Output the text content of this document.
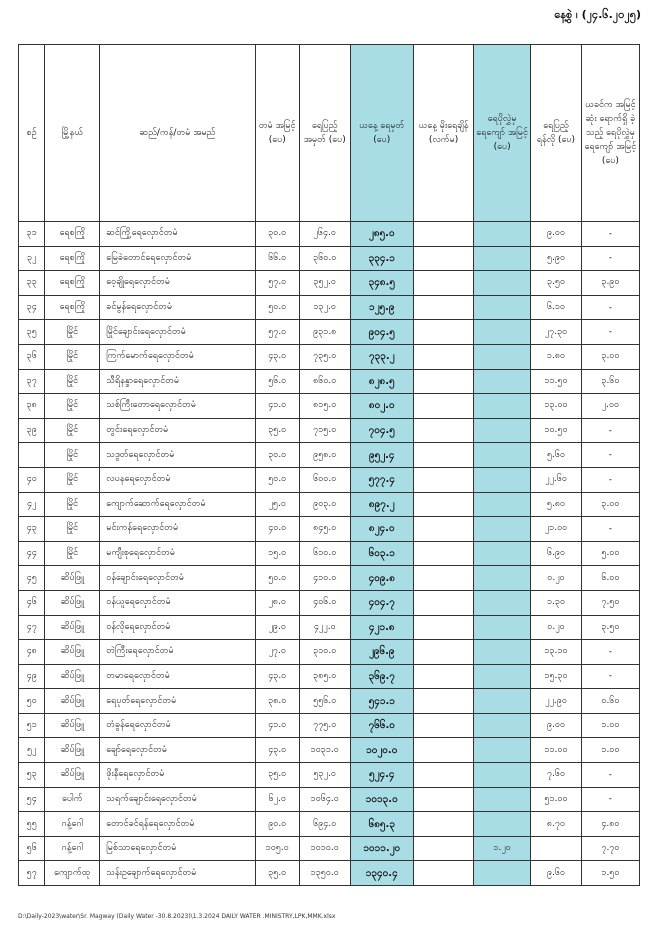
နေ့စွဲ ၊ (၂၄.၆.၂၀၂၅)
စဉ်	မြို့နယ်	ဆည်/ကန်/တမံ အမည်	တမံ အမြင့် (ပေ)	ရေပြည့် အမှတ် (ပေ)	ယနေ့ ရေမှတ် (ပေ)	ယနေ့ မိုးရေချိန် (လက်မ)	ရေပိုလွှဲမှ ရေကျော် အမြင့် (ပေ)	ရေပြည့် ရန်လို (ပေ)	ယခင်က အမြင့်ဆုံး ရောက်ရှိ ခဲ့သည့် ရေပိုလွှဲမှ ရေကျော် အမြင့် (ပေ)
၃၁	ရေစကြို	ဆင်ကြို့ရေလှောင်တမံ	၃၀.၀	၂၆၄.၀	၂၈၅.၀			၉.၀၀	-
၃၂	ရေစကြို	မြေခဲတောင်ရေလှောင်တမံ	၆၆.၀	၃၆၀.၀	၃၃၄.၁			၅.၉၀	-
၃၃	ရေစကြို	ဝေ့ချိုရေလှောင်တမံ	၅၇.၀	၃၅၂.၀	၃၄၈.၅			၃.၅၀	၃.၉၀
၃၄	ရေစကြို	ခင်မွန်ရေလှောင်တမံ	၅၀.၀	၁၃၂.၀	၁၂၅.၉			၆.၁၀	-
၃၅	မြိုင်	မြိုင်ချောင်းရေလှောင်တမံ	၅၇.၀	၉၃၁.၈	၉၀၄.၅			၂၇.၃၀	-
၃၆	မြိုင်	ကြက်မောက်ရေလှောင်တမံ	၄၃.၀	၇၃၅.၀	၇၃၃.၂			၁.၈၀	၃.၀၀
၃၇	မြိုင်	သီရိနန္ဒာရေလှောင်တမံ	၅၆.၀	၈၆၀.၀	၈၂၈.၅			၁၁.၅၀	၃.၆၀
၃၈	မြိုင်	သစ်ကြီးတောရေလှောင်တမံ	၄၁.၀	၈၁၅.၀	၈၀၂.၀			၁၃.၀၀	၂.၀၀
၃၉	မြိုင်	တွင်းရေလှောင်တမံ	၃၅.၀	၇၁၅.၀	၇၀၄.၅			၁၀.၅၀	-
	မြိုင်	သဒွတ်ရေလှောင်တမံ	၃၀.၀	၉၅၈.၀	၉၅၂.၄			၅.၆၀	-
၄၀	မြိုင်	လပနရေလှောင်တမံ	၅၀.၀	၆၀၀.၀	၅၇၇.၄			၂၂.၆၀	-
၄၂	မြိုင်	ကျောက်ဆောက်ရေလှောင်တမံ	၂၅.၀	၉၀၃.၀	၈၉၇.၂			၅.၈၀	၃.၀၀
၄၃	မြိုင်	မင်းကန်ရေလှောင်တမံ	၄၀.၀	၈၄၅.၀	၈၂၄.၀			၂၁.၀၀	-
၄၄	မြိုင်	မကျီးစုရေလှောင်တမံ	၁၅.၀	၆၁၀.၀	၆၀၃.၁			၆.၉၀	၅.၀၀
၄၅	ဆိပ်ဖြူ	ဝန်ချောင်းရေလှောင်တမံ	၅၀.၀	၄၁၀.၀	၄၀၉.၈			၀.၂၀	၆.၀၀
၄၆	ဆိပ်ဖြူ	ဝန်ယူရေလှောင်တမံ	၂၈.၀	၄၀၆.၀	၄၀၄.၇			၁.၃၀	၇.၅၀
၄၇	ဆိပ်ဖြူ	ဝန်လိုရေလှောင်တမံ	၂၉.၀	၄၂၂.၀	၄၂၁.၈			၀.၂၀	၃.၅၀
၄၈	ဆိပ်ဖြူ	တဲကြီးရေလှောင်တမံ	၂၇.၀	၃၁၀.၀	၂၉၆.၉			၁၃.၁၀	-
၄၉	ဆိပ်ဖြူ	တမာရေလှောင်တမံ	၄၃.၀	၃၈၅.၀	၃၆၉.၇			၁၅.၃၀	-
၅၀	ဆိပ်ဖြူ	ရေပုတ်ရေလှောင်တမံ	၃၈.၀	၅၅၆.၀	၅၄၁.၁			၂၂.၉၀	၀.၆၀
၅၁	ဆိပ်ဖြူ	တံခွန်ရေလှောင်တမံ	၄၁.၀	၇၇၅.၀	၇၆၆.၀			၉.၀၀	၁.၀၀
၅၂	ဆိပ်ဖြူ	ချော်ရေလှောင်တမံ	၄၃.၀	၁၀၃၁.၀	၁၀၂၀.၀			၁၁.၀၀	၁.၀၀
၅၃	ဆိပ်ဖြူ	ဖိုးနီရေလှောင်တမံ	၃၅.၀	၅၃၂.၀	၅၂၄.၄			၇.၆၀	-
၅၄	ပေါက်	သရက်ချောင်းရေလှောင်တမံ	၆၂.၀	၁၀၆၄.၀	၁၀၁၃.၀			၅၁.၀၀	-
၅၅	ဂန့်ဂေါ	တောင်ခင်ရန်ရေလှောင်တမံ	၉၀.၀	၆၉၄.၀	၆၈၅.၃			၈.၇၀	၄.၈၀
၅၆	ဂန့်ဂေါ	မြစ်သာရေလှောင်တမံ	၁၀၅.၀	၁၀၁၀.၀	၁၀၁၁.၂၀		၁.၂၀		၇.၇၀
၅၇	ကျောက်ထု	သန်းဥချောက်ရေလှောင်တမံ	၃၅.၀	၁၃၅၀.၀	၁၃၄၀.၄			၉.၆၀	၁.၅၀
D:\Daily-2023\water\Sr. Magway (Daily Water -30.8.2023)\1.3.2024 DAILY WATER .MINISTRY,LPK,MMK.xlsx
